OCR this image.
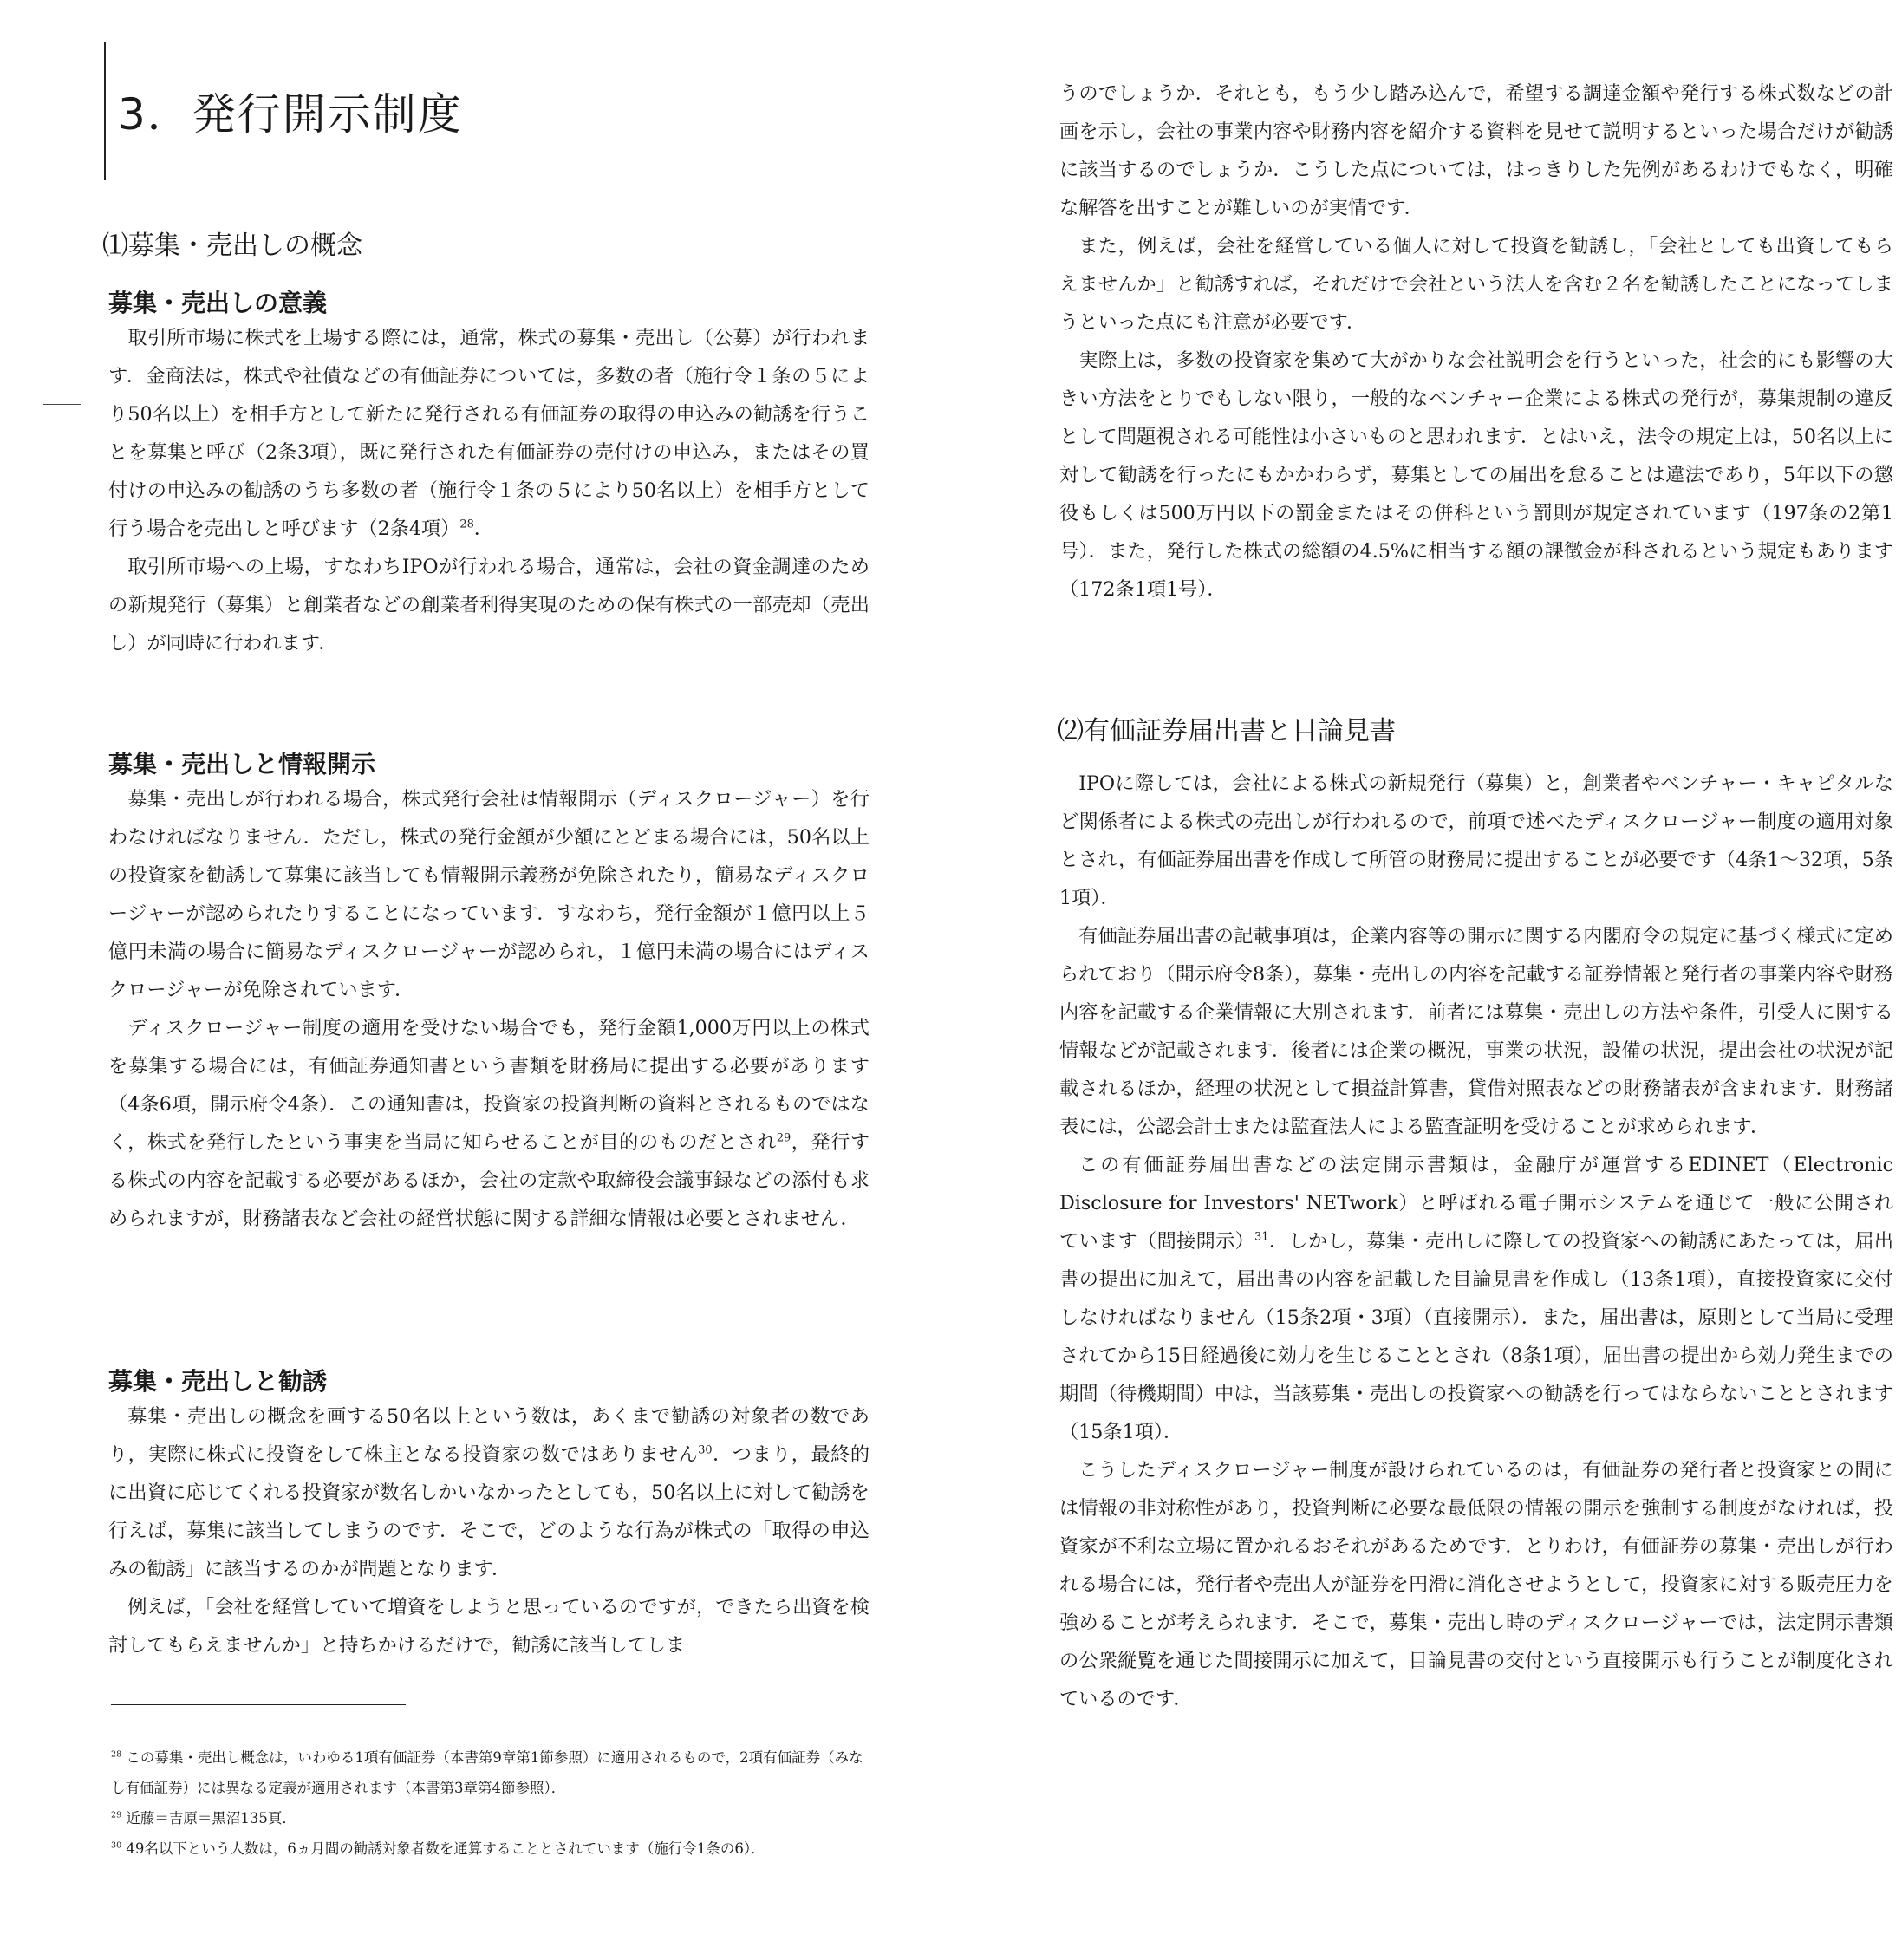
3．発行開示制度
⑴募集・売出しの概念
募集・売出しの意義

取引所市場に株式を上場する際には，通常，株式の募集・売出し（公募）が行われます．金商法は，株式や社債などの有価証券については，多数の者（施行令１条の５により50名以上）を相手方として新たに発行される有価証券の取得の申込みの勧誘を行うことを募集と呼び（2条3項），既に発行された有価証券の売付けの申込み，またはその買付けの申込みの勧誘のうち多数の者（施行令１条の５により50名以上）を相手方として行う場合を売出しと呼びます（2条4項）$^{28}$．

取引所市場への上場，すなわちIPOが行われる場合，通常は，会社の資金調達のための新規発行（募集）と創業者などの創業者利得実現のための保有株式の一部売却（売出し）が同時に行われます．

募集・売出しと情報開示

募集・売出しが行われる場合，株式発行会社は情報開示（ディスクロージャー）を行わなければなりません．ただし，株式の発行金額が少額にとどまる場合には，50名以上の投資家を勧誘して募集に該当しても情報開示義務が免除されたり，簡易なディスクロージャーが認められたりすることになっています．すなわち，発行金額が１億円以上５億円未満の場合に簡易なディスクロージャーが認められ，１億円未満の場合にはディスクロージャーが免除されています．

ディスクロージャー制度の適用を受けない場合でも，発行金額1,000万円以上の株式を募集する場合には，有価証券通知書という書類を財務局に提出する必要があります（4条6項，開示府令4条）．この通知書は，投資家の投資判断の資料とされるものではなく，株式を発行したという事実を当局に知らせることが目的のものだとされ$^{29}$，発行する株式の内容を記載する必要があるほか，会社の定款や取締役会議事録などの添付も求められますが，財務諸表など会社の経営状態に関する詳細な情報は必要とされません．

募集・売出しと勧誘

募集・売出しの概念を画する50名以上という数は，あくまで勧誘の対象者の数であり，実際に株式に投資をして株主となる投資家の数ではありません$^{30}$．つまり，最終的に出資に応じてくれる投資家が数名しかいなかったとしても，50名以上に対して勧誘を行えば，募集に該当してしまうのです．そこで，どのような行為が株式の「取得の申込みの勧誘」に該当するのかが問題となります．

例えば，「会社を経営していて増資をしようと思っているのですが，できたら出資を検討してもらえませんか」と持ちかけるだけで，勧誘に該当してしま

$^{28}$ この募集・売出し概念は，いわゆる1項有価証券（本書第9章第1節参照）に適用されるもので，2項有価証券（みなし有価証券）には異なる定義が適用されます（本書第3章第4節参照）．

$^{29}$ 近藤＝吉原＝黒沼135頁．

$^{30}$ 49名以下という人数は，6ヵ月間の勧誘対象者数を通算することとされています（施行令1条の6）．

うのでしょうか．それとも，もう少し踏み込んで，希望する調達金額や発行する株式数などの計画を示し，会社の事業内容や財務内容を紹介する資料を見せて説明するといった場合だけが勧誘に該当するのでしょうか．こうした点については，はっきりした先例があるわけでもなく，明確な解答を出すことが難しいのが実情です．

また，例えば，会社を経営している個人に対して投資を勧誘し，「会社としても出資してもらえませんか」と勧誘すれば，それだけで会社という法人を含む２名を勧誘したことになってしまうといった点にも注意が必要です．

実際上は，多数の投資家を集めて大がかりな会社説明会を行うといった，社会的にも影響の大きい方法をとりでもしない限り，一般的なベンチャー企業による株式の発行が，募集規制の違反として問題視される可能性は小さいものと思われます．とはいえ，法令の規定上は，50名以上に対して勧誘を行ったにもかかわらず，募集としての届出を怠ることは違法であり，5年以下の懲役もしくは500万円以下の罰金またはその併科という罰則が規定されています（197条の2第1号）．また，発行した株式の総額の4.5%に相当する額の課徴金が科されるという規定もあります（172条1項1号）．

⑵有価証券届出書と目論見書

IPOに際しては，会社による株式の新規発行（募集）と，創業者やベンチャー・キャピタルなど関係者による株式の売出しが行われるので，前項で述べたディスクロージャー制度の適用対象とされ，有価証券届出書を作成して所管の財務局に提出することが必要です（4条1〜32項，5条1項）．

有価証券届出書の記載事項は，企業内容等の開示に関する内閣府令の規定に基づく様式に定められており（開示府令8条），募集・売出しの内容を記載する証券情報と発行者の事業内容や財務内容を記載する企業情報に大別されます．前者には募集・売出しの方法や条件，引受人に関する情報などが記載されます．後者には企業の概況，事業の状況，設備の状況，提出会社の状況が記載されるほか，経理の状況として損益計算書，貸借対照表などの財務諸表が含まれます．財務諸表には，公認会計士または監査法人による監査証明を受けることが求められます．

この有価証券届出書などの法定開示書類は，金融庁が運営するEDINET（Electronic Disclosure for Investors' NETwork）と呼ばれる電子開示システムを通じて一般に公開されています（間接開示）$^{31}$．しかし，募集・売出しに際しての投資家への勧誘にあたっては，届出書の提出に加えて，届出書の内容を記載した目論見書を作成し（13条1項），直接投資家に交付しなければなりません（15条2項・3項）（直接開示）．また，届出書は，原則として当局に受理されてから15日経過後に効力を生じることとされ（8条1項），届出書の提出から効力発生までの期間（待機期間）中は，当該募集・売出しの投資家への勧誘を行ってはならないこととされます（15条1項）．

こうしたディスクロージャー制度が設けられているのは，有価証券の発行者と投資家との間には情報の非対称性があり，投資判断に必要な最低限の情報の開示を強制する制度がなければ，投資家が不利な立場に置かれるおそれがあるためです．とりわけ，有価証券の募集・売出しが行われる場合には，発行者や売出人が証券を円滑に消化させようとして，投資家に対する販売圧力を強めることが考えられます．そこで，募集・売出し時のディスクロージャーでは，法定開示書類の公衆縦覧を通じた間接開示に加えて，目論見書の交付という直接開示も行うことが制度化されているのです．
